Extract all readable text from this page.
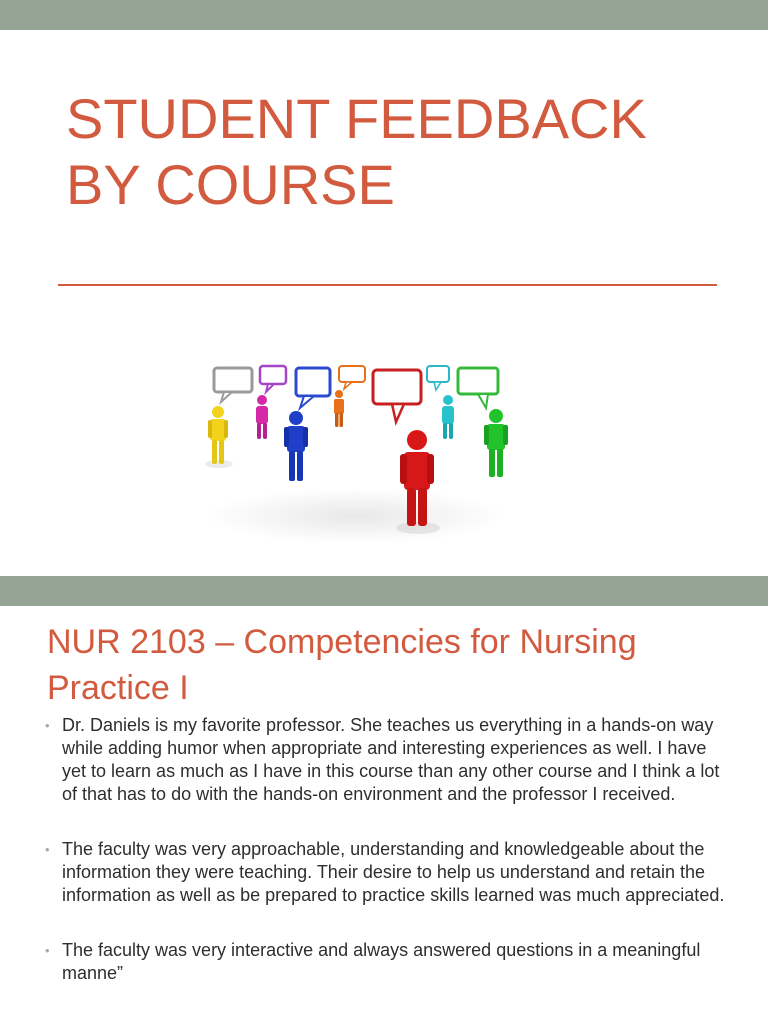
STUDENT FEEDBACK
BY COURSE
NUR 2103 – Competencies for Nursing
Practice I
• Dr. Daniels is my favorite professor. She teaches us everything in a hands-on way while adding humor when appropriate and interesting experiences as well. I have yet to learn as much as I have in this course than any other course and I think a lot of that has to do with the hands-on environment and the professor I received.
• The faculty was very approachable, understanding and knowledgeable about the information they were teaching. Their desire to help us understand and retain the information as well as be prepared to practice skills learned was much appreciated.
• The faculty was very interactive and always answered questions in a meaningful manne”
